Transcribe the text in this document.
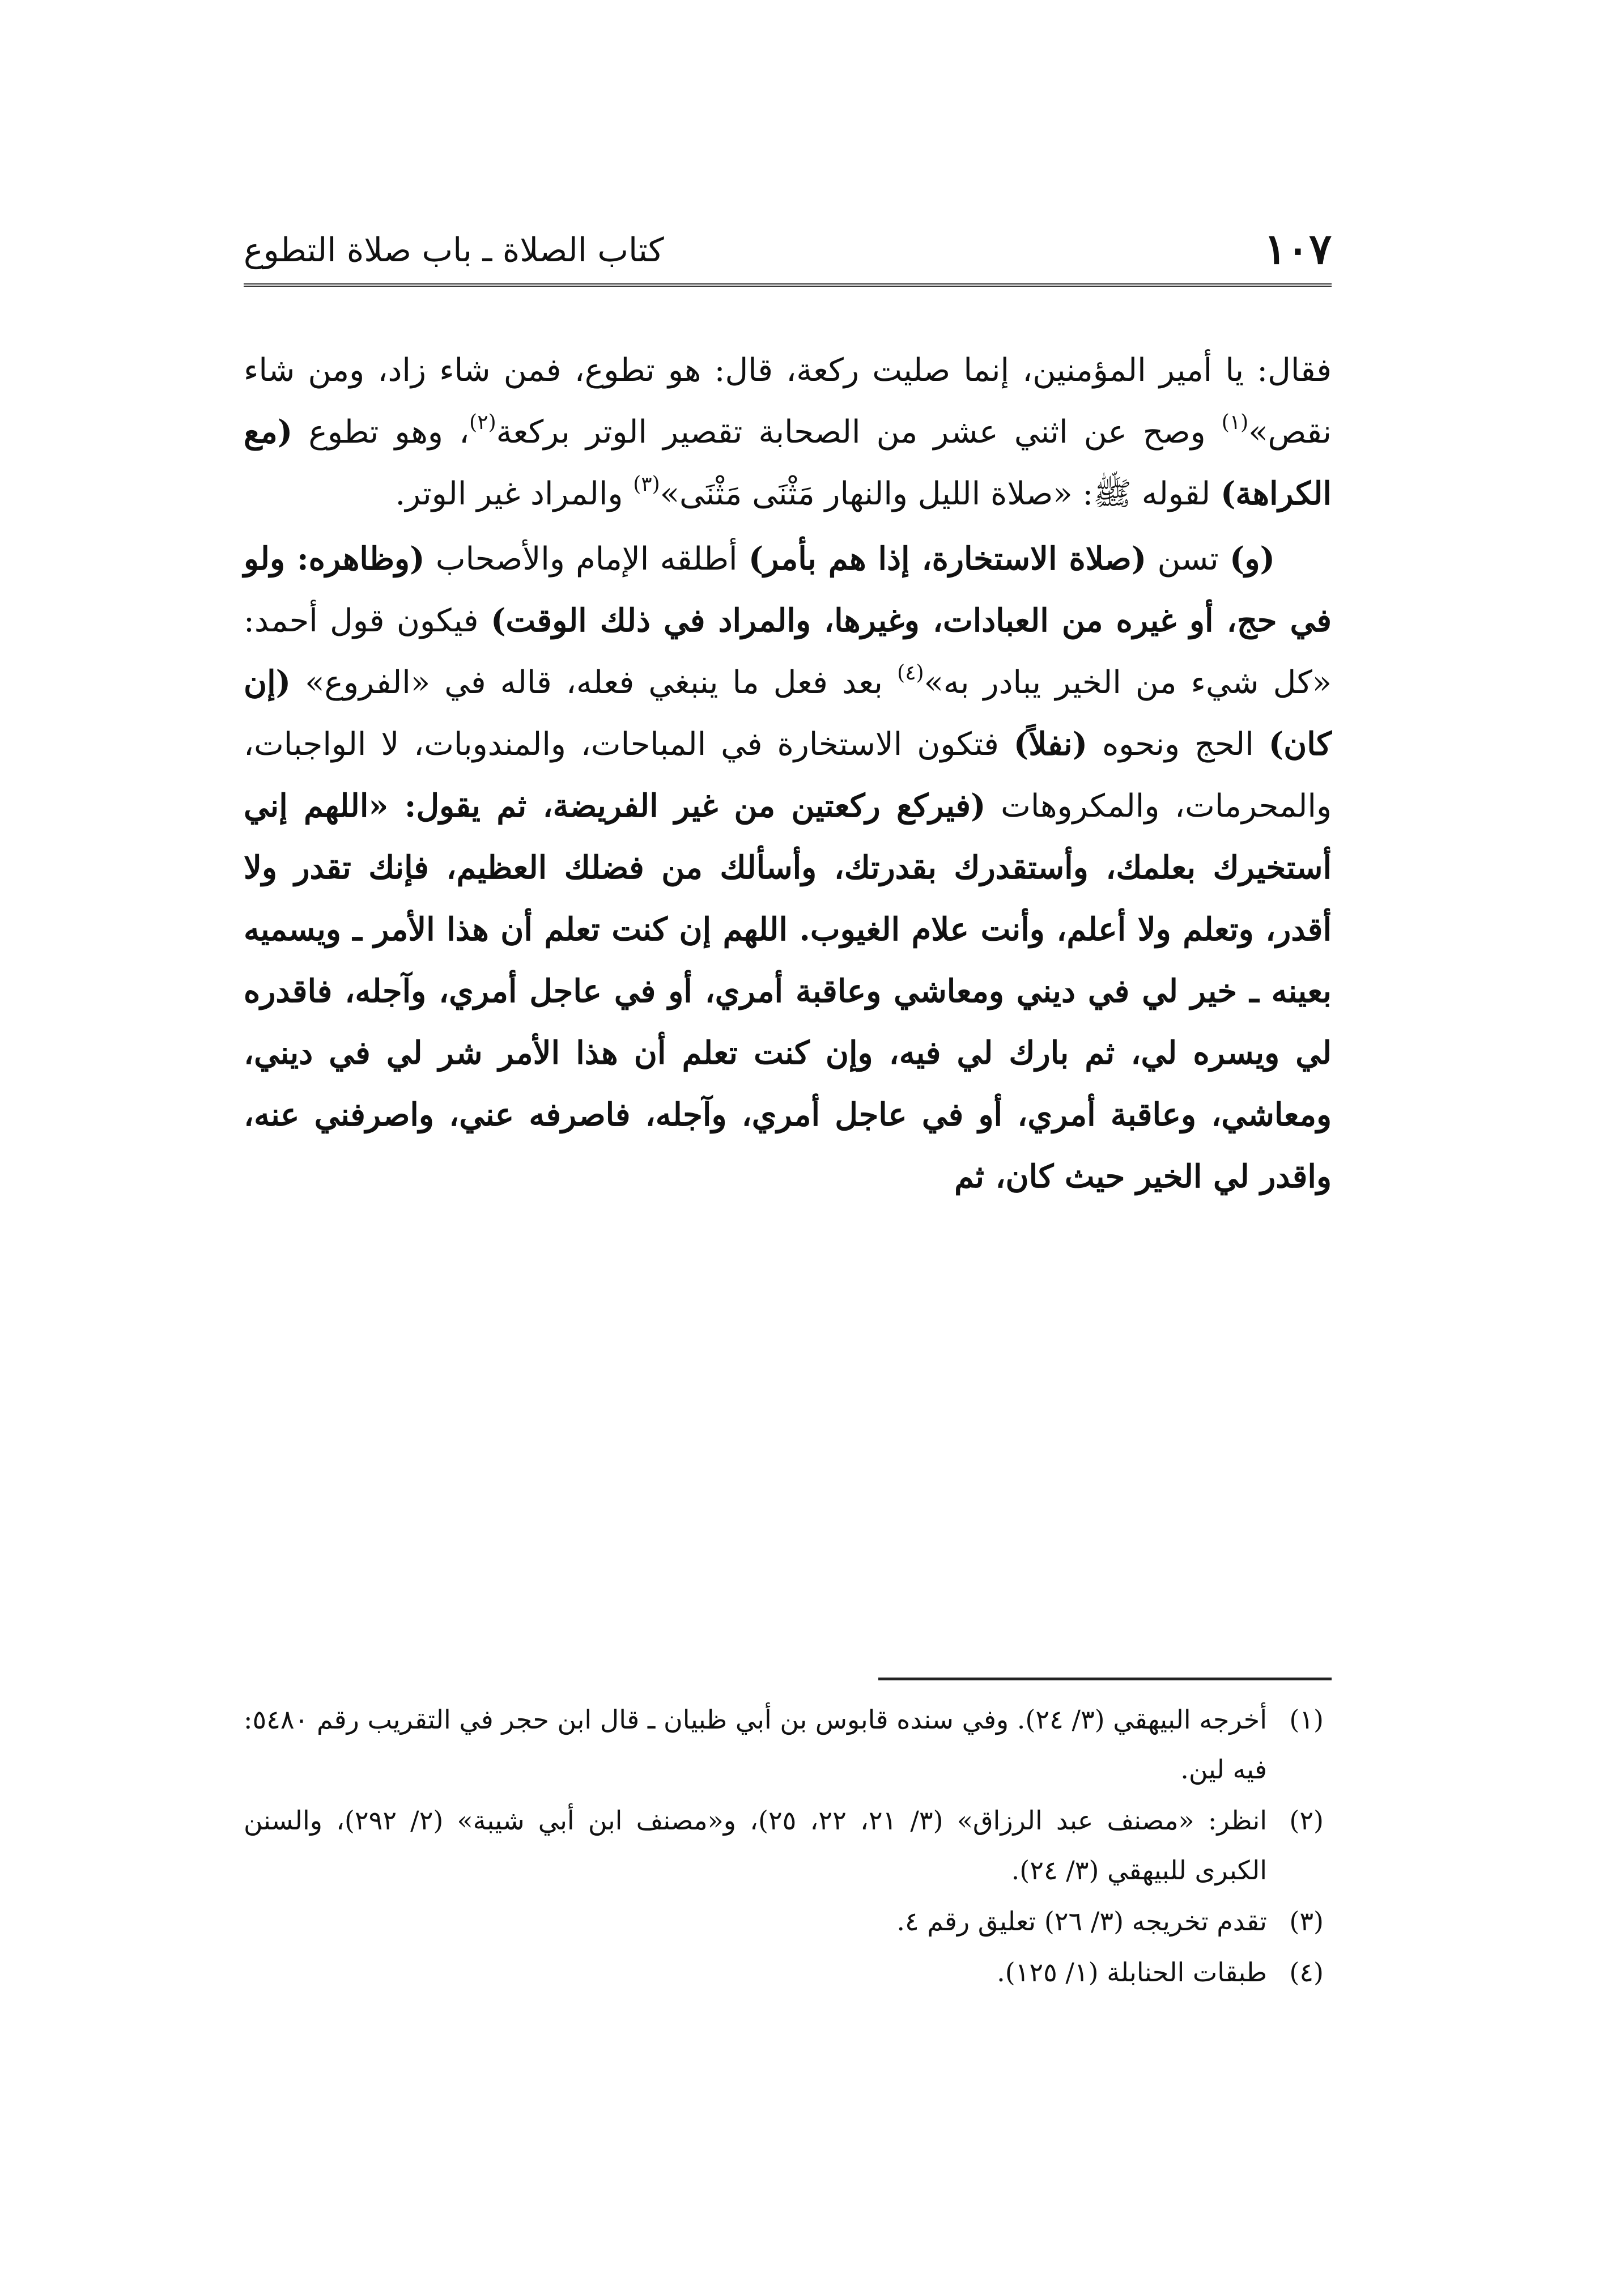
١٠٧
كتاب الصلاة ـ باب صلاة التطوع

فقال: يا أمير المؤمنين، إنما صليت ركعة، قال: هو تطوع، فمن شاء زاد، ومن شاء نقص»$^{(١)}$ وصح عن اثني عشر من الصحابة تقصير الوتر بركعة$^{(٢)}$، وهو تطوع (مع الكراهة) لقوله ﷺ: «صلاة الليل والنهار مَثْنَى مَثْنَى»$^{(٣)}$ والمراد غير الوتر.

(و) تسن (صلاة الاستخارة، إذا هم بأمر) أطلقه الإمام والأصحاب (وظاهره: ولو في حج، أو غيره من العبادات، وغيرها، والمراد في ذلك الوقت) فيكون قول أحمد: «كل شيء من الخير يبادر به»$^{(٤)}$ بعد فعل ما ينبغي فعله، قاله في «الفروع» (إن كان) الحج ونحوه (نفلاً) فتكون الاستخارة في المباحات، والمندوبات، لا الواجبات، والمحرمات، والمكروهات (فيركع ركعتين من غير الفريضة، ثم يقول: «اللهم إني أستخيرك بعلمك، وأستقدرك بقدرتك، وأسألك من فضلك العظيم، فإنك تقدر ولا أقدر، وتعلم ولا أعلم، وأنت علام الغيوب. اللهم إن كنت تعلم أن هذا الأمر ـ ويسميه بعينه ـ خير لي في ديني ومعاشي وعاقبة أمري، أو في عاجل أمري، وآجله، فاقدره لي ويسره لي، ثم بارك لي فيه، وإن كنت تعلم أن هذا الأمر شر لي في ديني، ومعاشي، وعاقبة أمري، أو في عاجل أمري، وآجله، فاصرفه عني، واصرفني عنه، واقدر لي الخير حيث كان، ثم

(١)
أخرجه البيهقي (٣/ ٢٤). وفي سنده قابوس بن أبي ظبيان ـ قال ابن حجر في التقريب رقم ٥٤٨٠: فيه لين.
(٢)
انظر: «مصنف عبد الرزاق» (٣/ ٢١، ٢٢، ٢٥)، و«مصنف ابن أبي شيبة» (٢/ ٢٩٢)، والسنن الكبرى للبيهقي (٣/ ٢٤).
(٣)
تقدم تخريجه (٣/ ٢٦) تعليق رقم ٤.
(٤)
طبقات الحنابلة (١/ ١٢٥).
